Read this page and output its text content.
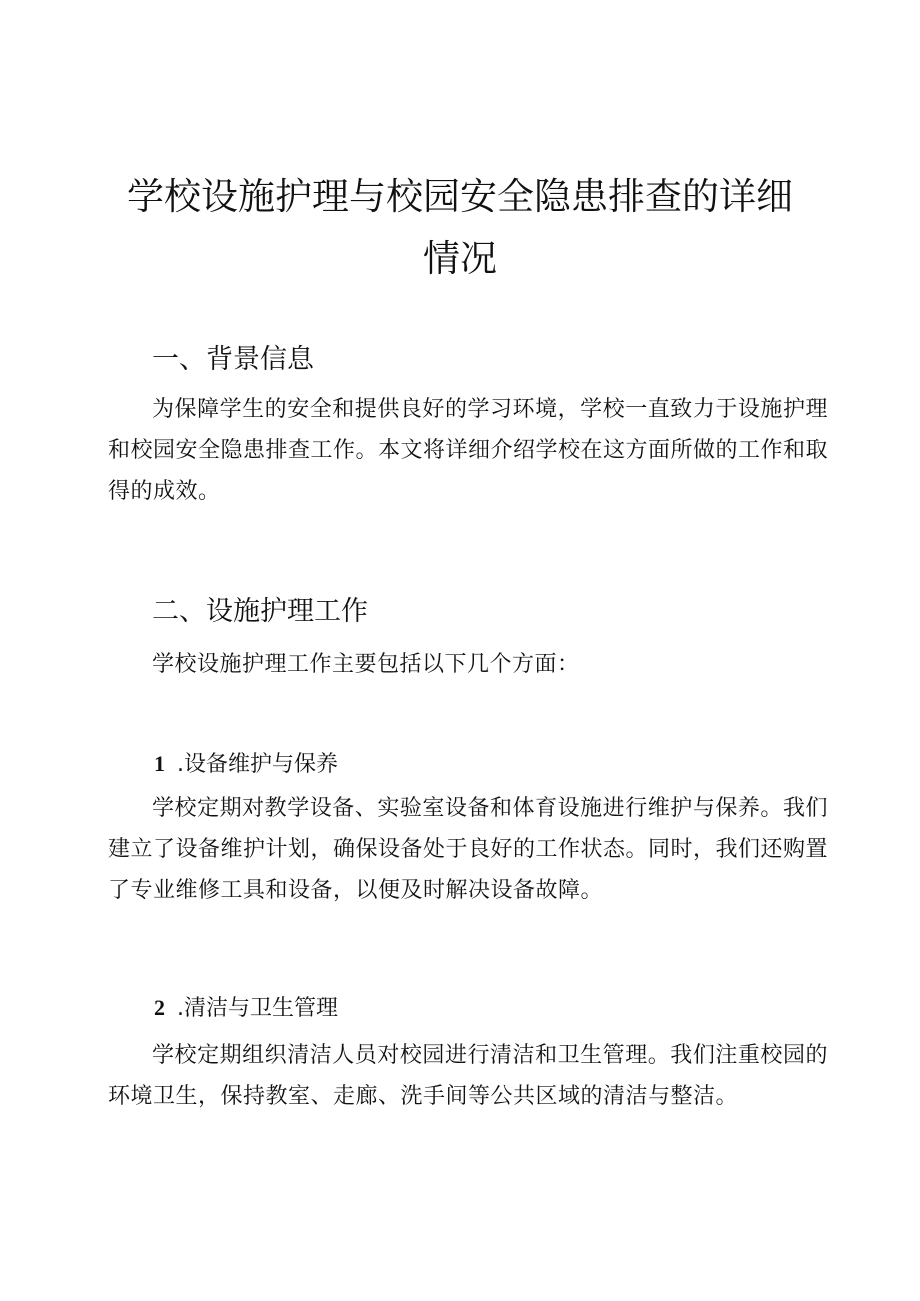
学校设施护理与校园安全隐患排查的详细
情况
一、背景信息

为保障学生的安全和提供良好的学习环境，学校一直致力于设施护理和校园安全隐患排查工作。本文将详细介绍学校在这方面所做的工作和取得的成效。

二、设施护理工作

学校设施护理工作主要包括以下几个方面：

1 .设备维护与保养

学校定期对教学设备、实验室设备和体育设施进行维护与保养。我们建立了设备维护计划，确保设备处于良好的工作状态。同时，我们还购置了专业维修工具和设备，以便及时解决设备故障。

2 .清洁与卫生管理

学校定期组织清洁人员对校园进行清洁和卫生管理。我们注重校园的环境卫生，保持教室、走廊、洗手间等公共区域的清洁与整洁。
